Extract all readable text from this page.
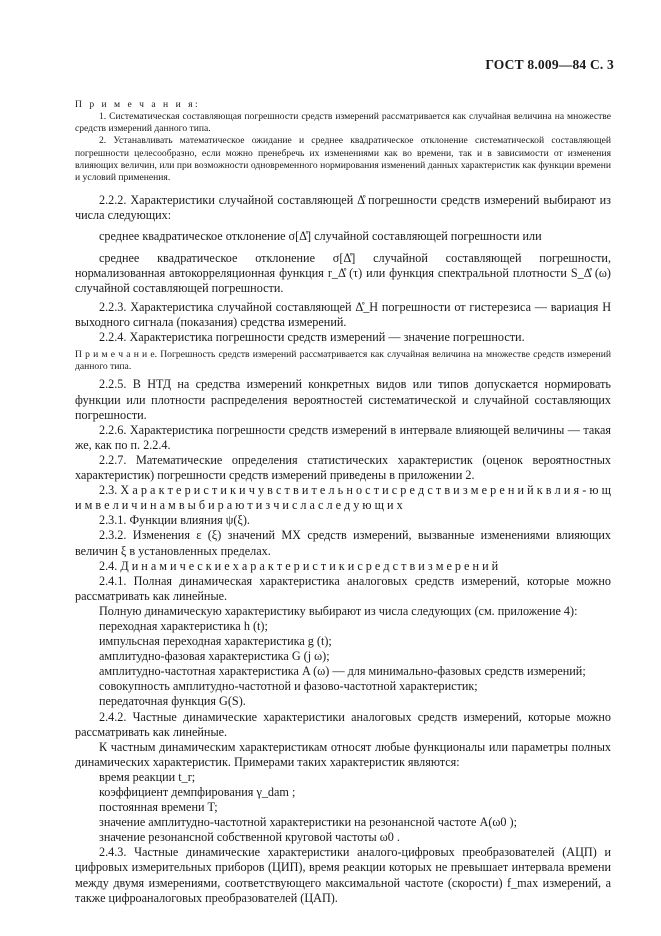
ГОСТ 8.009—84 С. 3
П р и м е ч а н и я:

1. Систематическая составляющая погрешности средств измерений рассматривается как случайная величина на множестве средств измерений данного типа.

2. Устанавливать математическое ожидание и среднее квадратическое отклонение систематической составляющей погрешности целесообразно, если можно пренебречь их изменениями как во времени, так и в зависимости от изменения влияющих величин, или при возможности одновременного нормирования изменений данных характеристик как функции времени и условий применения.

2.2.2. Характеристики случайной составляющей Δ̊ погрешности средств измерений выбирают из числа следующих:

среднее квадратическое отклонение σ[Δ̊] случайной составляющей погрешности или

среднее квадратическое отклонение σ[Δ̊] случайной составляющей погрешности, нормализованная автокорреляционная функция r_Δ̊ (τ) или функция спектральной плотности S_Δ̊ (ω) случайной составляющей погрешности.

2.2.3. Характеристика случайной составляющей Δ̊_H погрешности от гистерезиса — вариация H выходного сигнала (показания) средства измерений.

2.2.4. Характеристика погрешности средств измерений — значение погрешности.

П р и м е ч а н и е. Погрешность средств измерений рассматривается как случайная величина на множестве средств измерений данного типа.

2.2.5. В НТД на средства измерений конкретных видов или типов допускается нормировать функции или плотности распределения вероятностей систематической и случайной составляющих погрешности.

2.2.6. Характеристика погрешности средств измерений в интервале влияющей величины — такая же, как по п. 2.2.4.

2.2.7. Математические определения статистических характеристик (оценок вероятностных характеристик) погрешности средств измерений приведены в приложении 2.

2.3. Х а р а к т е р и с т и к и ч у в с т в и т е л ь н о с т и с р е д с т в и з м е р е н и й к в л и я - ю щ и м в е л и ч и н а м в ы б и р а ю т и з ч и с л а с л е д у ю щ и х

2.3.1. Функции влияния ψ(ξ).

2.3.2. Изменения ε (ξ) значений МХ средств измерений, вызванные изменениями влияющих величин ξ в установленных пределах.

2.4. Д и н а м и ч е с к и е х а р а к т е р и с т и к и с р е д с т в и з м е р е н и й

2.4.1. Полная динамическая характеристика аналоговых средств измерений, которые можно рассматривать как линейные.

Полную динамическую характеристику выбирают из числа следующих (см. приложение 4):

переходная характеристика h (t);

импульсная переходная характеристика g (t);

амплитудно-фазовая характеристика G (j ω);

амплитудно-частотная характеристика A (ω) — для минимально-фазовых средств измерений;

совокупность амплитудно-частотной и фазово-частотной характеристик;

передаточная функция G(S).

2.4.2. Частные динамические характеристики аналоговых средств измерений, которые можно рассматривать как линейные.

К частным динамическим характеристикам относят любые функционалы или параметры полных динамических характеристик. Примерами таких характеристик являются:

время реакции t_r;

коэффициент демпфирования γ_dam ;

постоянная времени T;

значение амплитудно-частотной характеристики на резонансной частоте A(ω0 );

значение резонансной собственной круговой частоты ω0 .

2.4.3. Частные динамические характеристики аналого-цифровых преобразователей (АЦП) и цифровых измерительных приборов (ЦИП), время реакции которых не превышает интервала времени между двумя измерениями, соответствующего максимальной частоте (скорости) f_max измерений, а также цифроаналоговых преобразователей (ЦАП).
